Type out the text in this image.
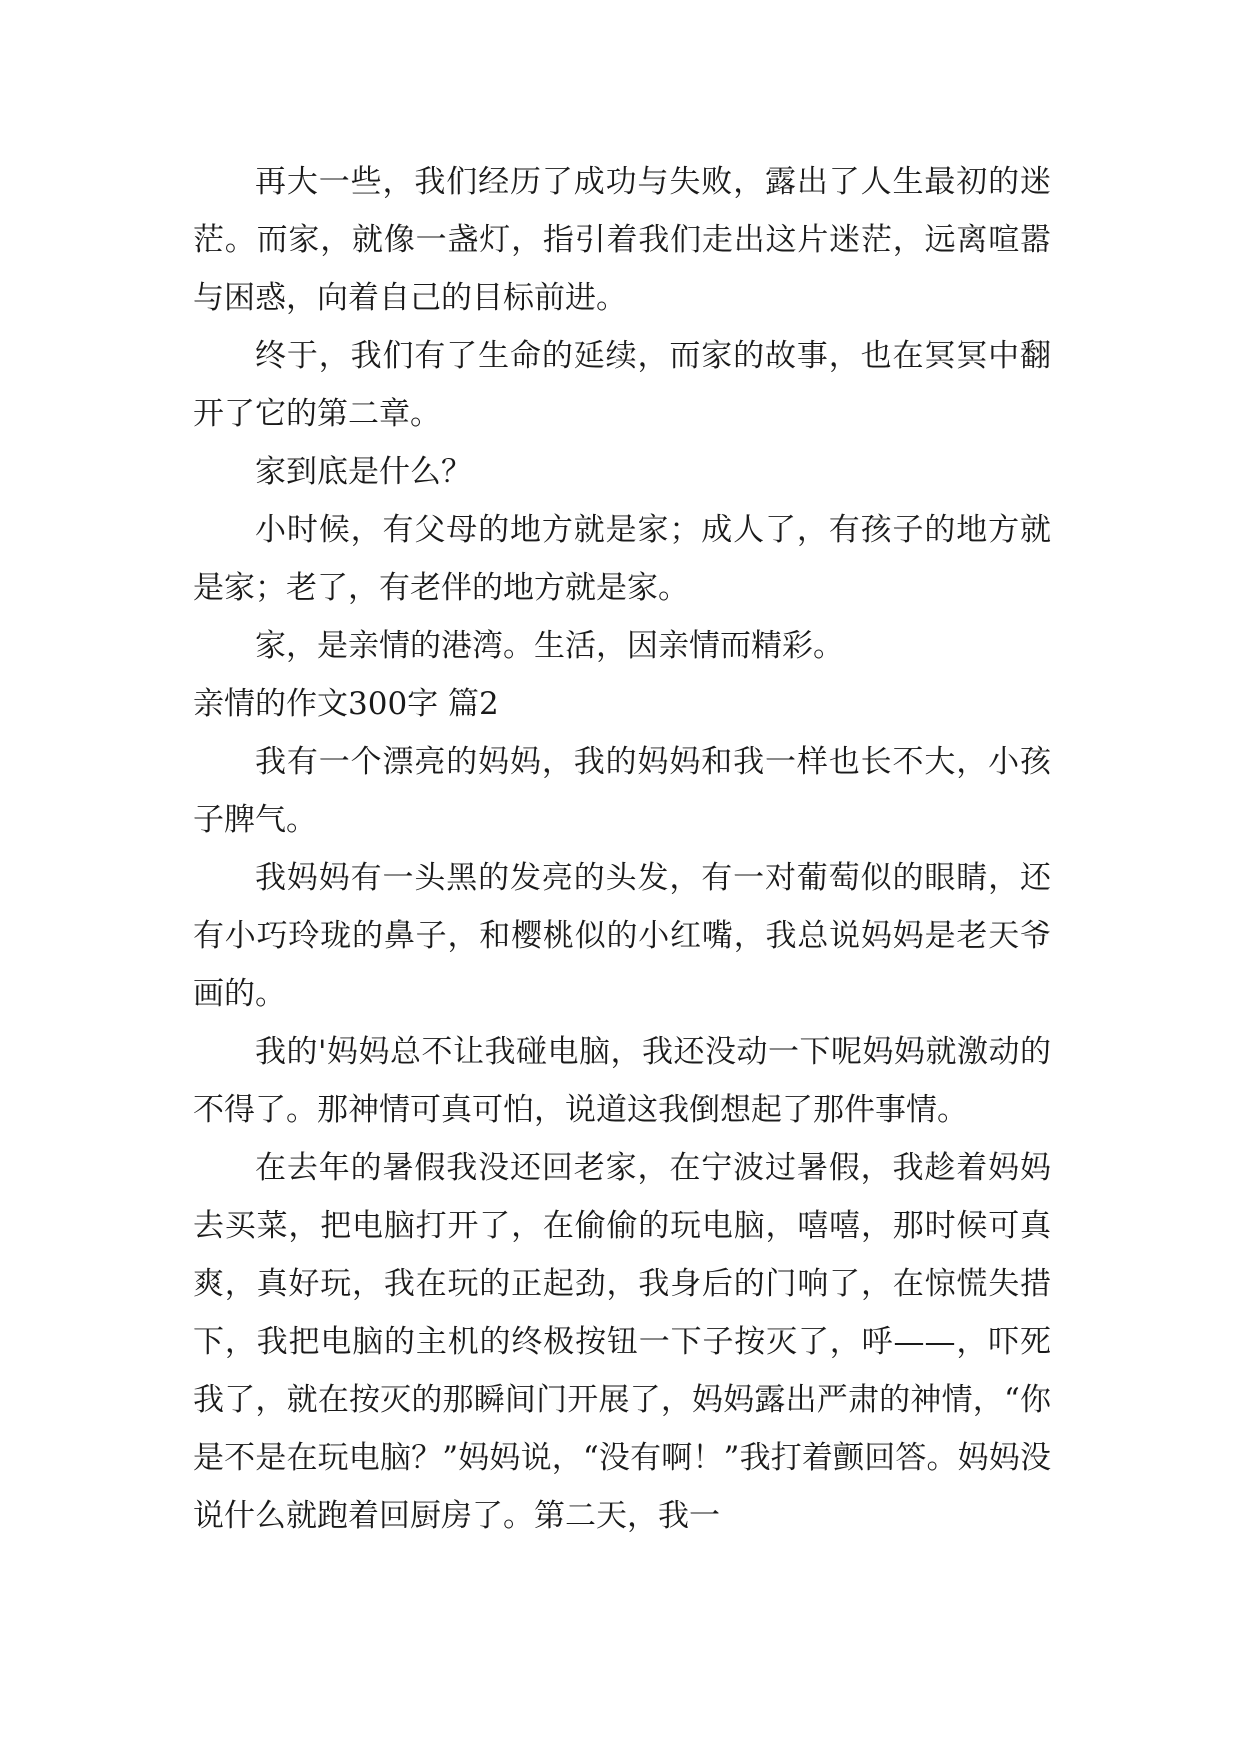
再大一些，我们经历了成功与失败，露出了人生最初的迷茫。而家，就像一盏灯，指引着我们走出这片迷茫，远离喧嚣与困惑，向着自己的目标前进。

终于，我们有了生命的延续，而家的故事，也在冥冥中翻开了它的第二章。

家到底是什么？

小时候，有父母的地方就是家；成人了，有孩子的地方就是家；老了，有老伴的地方就是家。

家，是亲情的港湾。生活，因亲情而精彩。

亲情的作文300字 篇2

我有一个漂亮的妈妈，我的妈妈和我一样也长不大，小孩子脾气。

我妈妈有一头黑的发亮的头发，有一对葡萄似的眼睛，还有小巧玲珑的鼻子，和樱桃似的小红嘴，我总说妈妈是老天爷画的。

我的'妈妈总不让我碰电脑，我还没动一下呢妈妈就激动的不得了。那神情可真可怕，说道这我倒想起了那件事情。

在去年的暑假我没还回老家，在宁波过暑假，我趁着妈妈去买菜，把电脑打开了，在偷偷的玩电脑，嘻嘻，那时候可真爽，真好玩，我在玩的正起劲，我身后的门响了，在惊慌失措下，我把电脑的主机的终极按钮一下子按灭了，呼——，吓死我了，就在按灭的那瞬间门开展了，妈妈露出严肃的神情，“你是不是在玩电脑？”妈妈说，“没有啊！”我打着颤回答。妈妈没说什么就跑着回厨房了。第二天，我一
